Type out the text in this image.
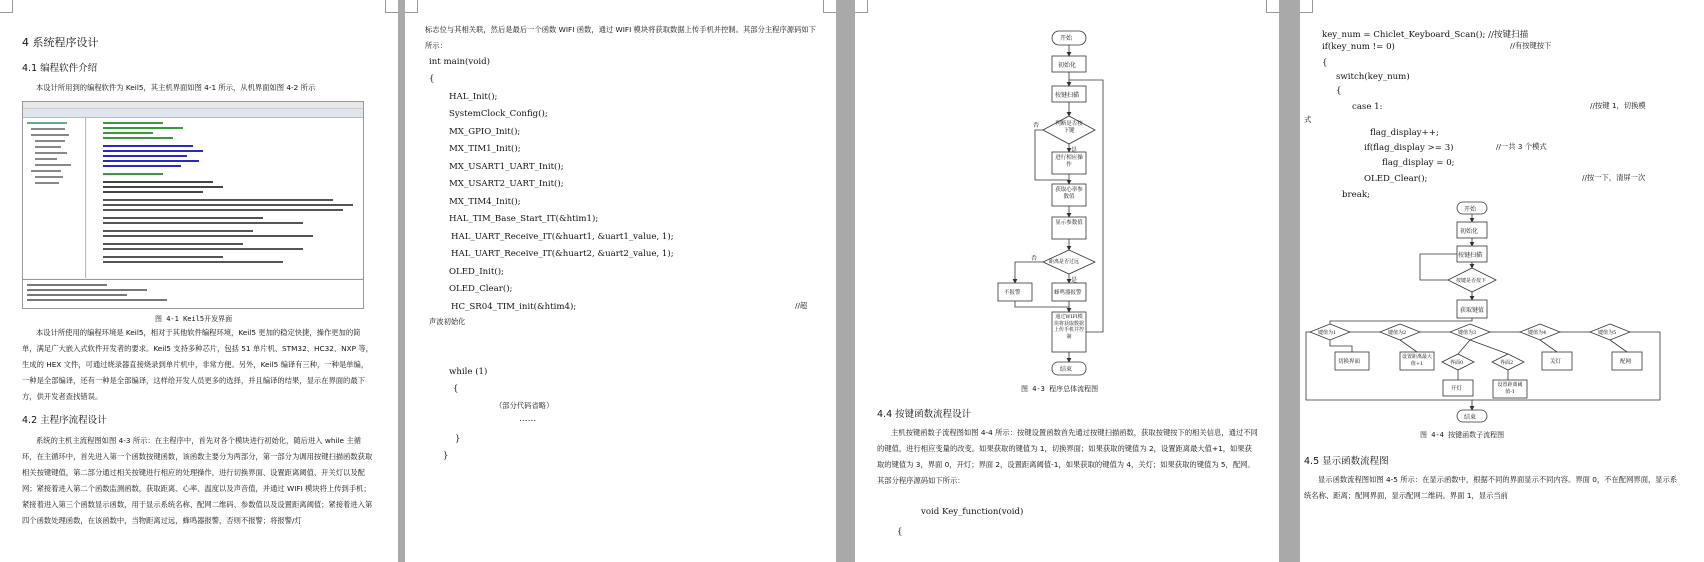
4 系统程序设计
4.1 编程软件介绍
本设计所用到的编程软件为 Keil5，其主机界面如图 4-1 所示，从机界面如图 4-2 所示
图 4-1 Keil5开发界面
本设计所使用的编程环境是 Keil5，相对于其他软件编程环境，Keil5 更加的稳定快捷，操作更加的简单，满足广大嵌入式软件开发者的要求。Keil5 支持多种芯片，包括 51 单片机、STM32、HC32、NXP 等，生成的 HEX 文件，可通过烧录器直接烧录到单片机中，非常方便。另外，Keil5 编译有三种，一种是单编，一种是全部编译，还有一种是全部编译，这样给开发人员更多的选择，并且编译的结果，显示在界面的最下方，供开发者查找错误。
4.2 主程序流程设计
系统的主机主流程图如图 4-3 所示：在主程序中，首先对各个模块进行初始化，随后进入 while 主循环，在主循环中，首先进入第一个函数按键函数，该函数主要分为两部分，第一部分为调用按键扫描函数获取相关按键键值，第二部分通过相关按键进行相应的处理操作，进行切换界面、设置距离阈值、开关灯以及配网；紧接着进入第二个函数监测函数，获取距离、心率、温度以及声音值，并通过 WIFI 模块将上传到手机；紧接着进入第三个函数显示函数，用于显示系统名称、配网二维码、参数值以及设置距离阈值；紧接着进入第四个函数处理函数，在该函数中，当物距离过远，蜂鸣器报警，否则不报警；将报警/灯
标志位与其相关联，然后是最后一个函数 WIFI 函数，通过 WIFI 模块将获取数据上传手机并控制。其部分主程序源码如下所示：
int main(void)
{
HAL_Init();
SystemClock_Config();
MX_GPIO_Init();
MX_TIM1_Init();
MX_USART1_UART_Init();
MX_USART2_UART_Init();
MX_TIM4_Init();
HAL_TIM_Base_Start_IT(&htim1);
HAL_UART_Receive_IT(&huart1, &uart1_value, 1);
HAL_UART_Receive_IT(&huart2, &uart2_value, 1);
OLED_Init();
OLED_Clear();
HC_SR04_TIM_init(&htim4);	//超
声波初始化
while (1)
{
（部分代码省略）
……
}
}
开始
初始化
按键扫描
判断是否按下键
否
是
进行相应操作
获取心率参数值
显示参数值
距离是否过远
否
是
不报警	蜂鸣器报警
通过WIFI模块将获取数据上传手机并控制
结束
图 4-3 程序总体流程图
4.4 按键函数流程设计
主机按键函数子流程图如图 4-4 所示：按键设置函数首先通过按键扫描函数，获取按键按下的相关信息，通过不同的键值，进行相应变量的改变。如果获取的键值为 1，切换界面；如果获取的键值为 2，设置距离最大值+1，如果获取的键值为 3，界面 0，开灯；界面 2，设置距离阈值-1，如果获取的键值为 4，关灯；如果获取的键值为 5，配网。其部分程序源码如下所示：
void Key_function(void)
{
key_num = Chiclet_Keyboard_Scan(); //按键扫描
if(key_num != 0)	//有按键按下
{
switch(key_num)
{
case 1:	//按键 1，切换模
式
flag_display++;
if(flag_display >= 3)	//一共 3 个模式
flag_display = 0;
OLED_Clear();	//按一下，清屏一次
break;
开始
初始化
按键扫描
按键是否按下
获取键值
键值为1	键值为2	键值为3	键值为4	键值为5
切换界面
设置距离最大值+1	界面0	界面2	关灯	配网
开灯
设置距离阈值-1
结束
图 4-4 按键函数子流程图
4.5 显示函数流程图
显示函数流程图如图 4-5 所示：在显示函数中，根据不同的界面显示不同内容。界面 0，不在配网界面，显示系统名称、距离；配网界面，显示配网二维码。界面 1，显示当前
